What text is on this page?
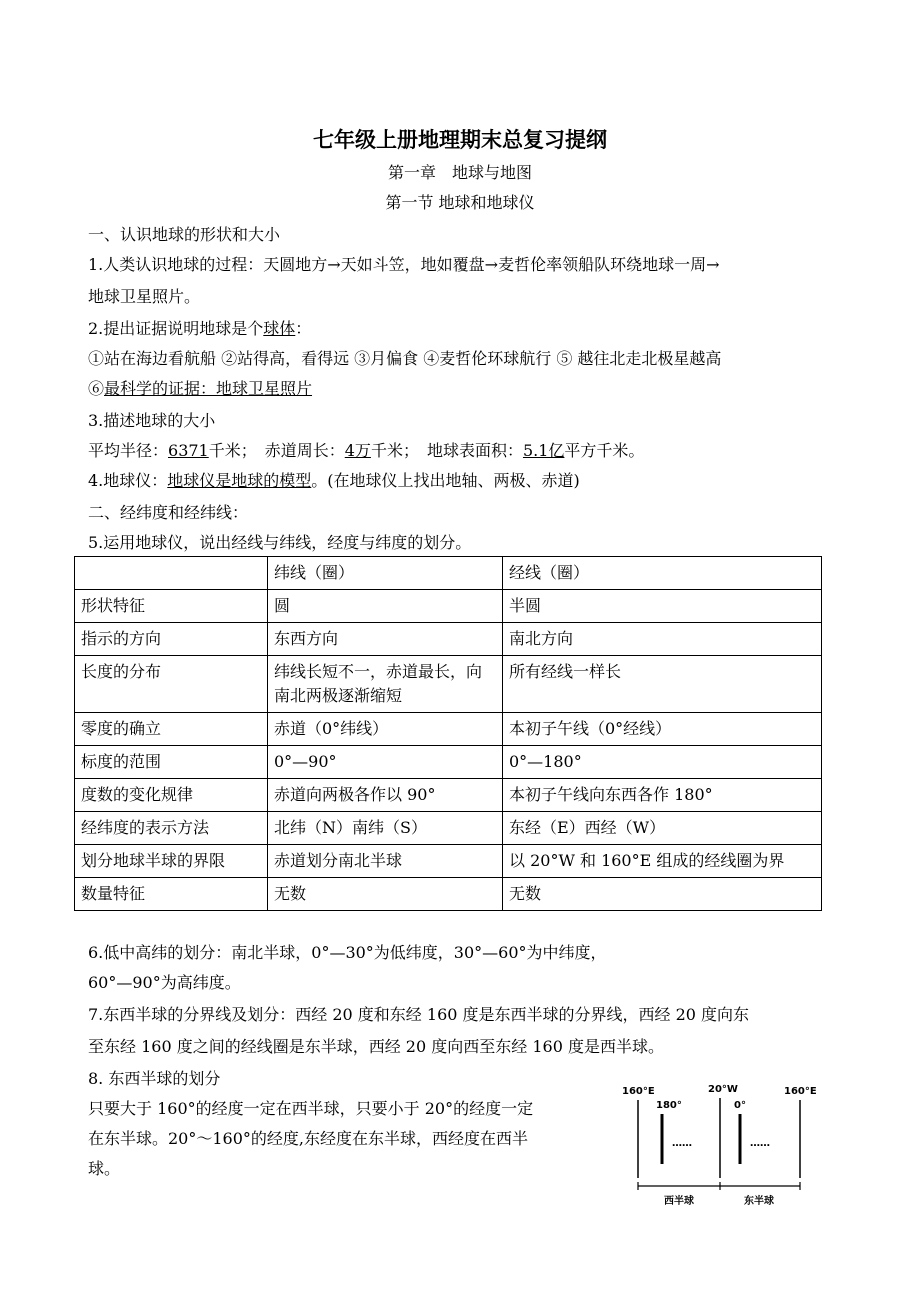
七年级上册地理期末总复习提纲
第一章　地球与地图
第一节 地球和地球仪
一、认识地球的形状和大小
1.人类认识地球的过程：天圆地方→天如斗笠，地如覆盘→麦哲伦率领船队环绕地球一周→
地球卫星照片。
2.提出证据说明地球是个球体：
①站在海边看航船 ②站得高，看得远 ③月偏食 ④麦哲伦环球航行 ⑤ 越往北走北极星越高
⑥最科学的证据：地球卫星照片
3.描述地球的大小
平均半径：6371千米；　赤道周长：4万千米；　地球表面积：5.1亿平方千米。
4.地球仪：地球仪是地球的模型。(在地球仪上找出地轴、两极、赤道)
二、经纬度和经纬线：
5.运用地球仪，说出经线与纬线，经度与纬度的划分。
	纬线（圈）	经线（圈）
形状特征	圆	半圆
指示的方向	东西方向	南北方向
长度的分布	纬线长短不一，赤道最长，向南北两极逐渐缩短	所有经线一样长
零度的确立	赤道（0°纬线）	本初子午线（0°经线）
标度的范围	0°—90°	0°—180°
度数的变化规律	赤道向两极各作以 90°	本初子午线向东西各作 180°
经纬度的表示方法	北纬（N）南纬（S）	东经（E）西经（W）
划分地球半球的界限	赤道划分南北半球	以 20°W 和 160°E 组成的经线圈为界
数量特征	无数	无数
6.低中高纬的划分：南北半球，0°—30°为低纬度，30°—60°为中纬度，
60°—90°为高纬度。
7.东西半球的分界线及划分：西经 20 度和东经 160 度是东西半球的分界线，西经 20 度向东
至东经 160 度之间的经线圈是东半球，西经 20 度向西至东经 160 度是西半球。
8. 东西半球的划分
只要大于 160°的经度一定在西半球，只要小于 20°的经度一定
在东半球。20°～160°的经度,东经度在东半球，西经度在西半
球。
160°E
180°
20°W
0°
160°E
……	……
西半球	东半球
